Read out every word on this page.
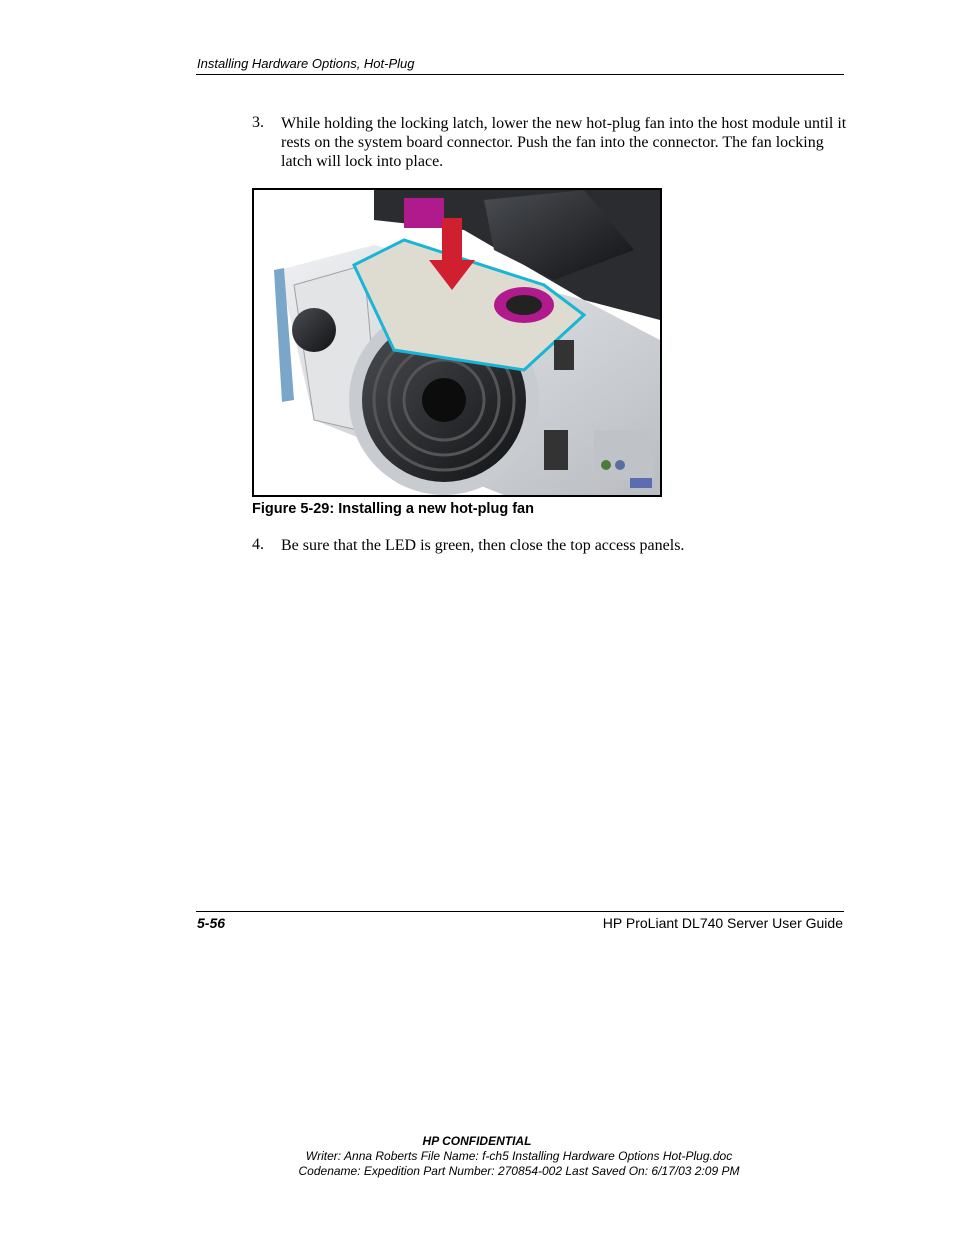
Installing Hardware Options, Hot-Plug
3. While holding the locking latch, lower the new hot-plug fan into the host module until it rests on the system board connector. Push the fan into the connector. The fan locking latch will lock into place.
Figure 5-29: Installing a new hot-plug fan
4. Be sure that the LED is green, then close the top access panels.
5-56	HP ProLiant DL740 Server User Guide
HP CONFIDENTIAL
Writer: Anna Roberts File Name: f-ch5 Installing Hardware Options Hot-Plug.doc
Codename: Expedition Part Number: 270854-002 Last Saved On: 6/17/03 2:09 PM
